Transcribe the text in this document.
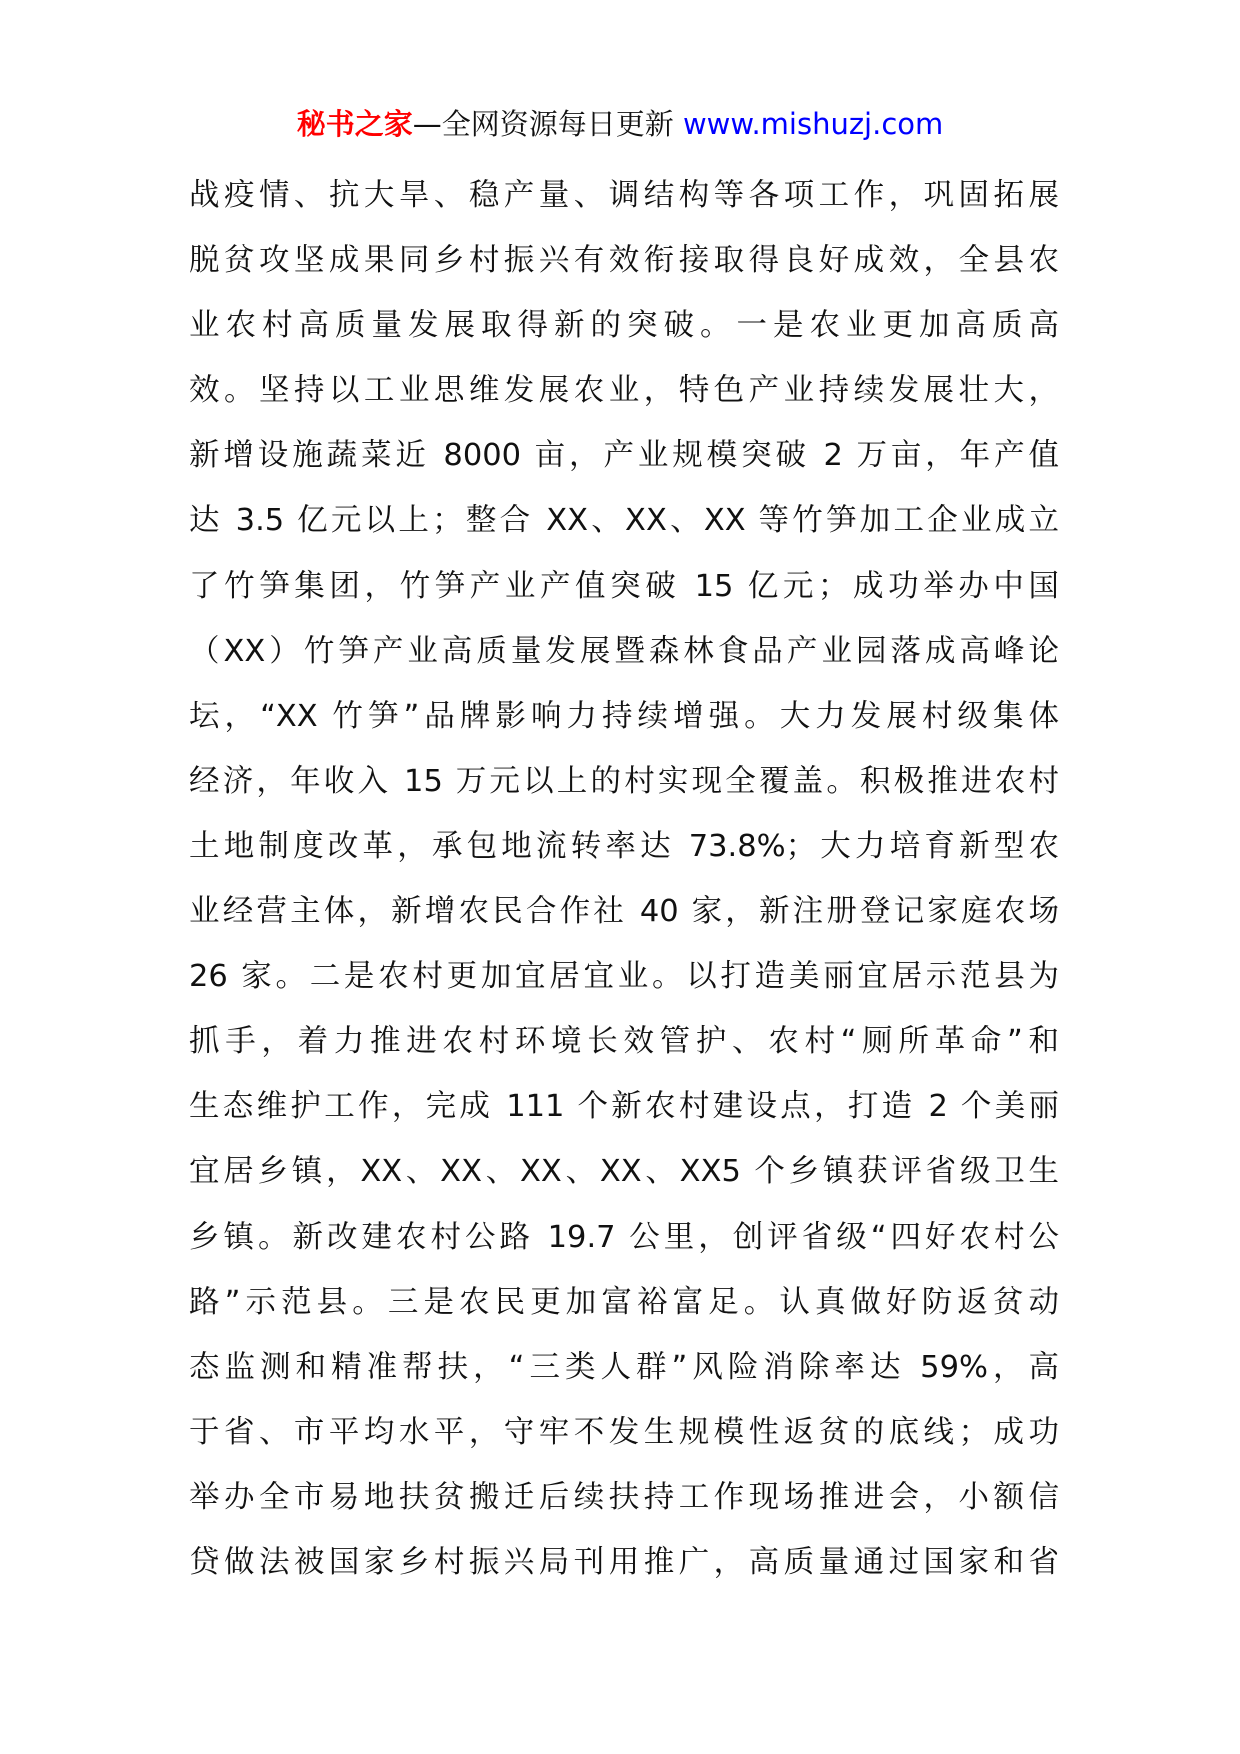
秘书之家—全网资源每日更新 www.mishuzj.com
战疫情、抗大旱、稳产量、调结构等各项工作，巩固拓展
脱贫攻坚成果同乡村振兴有效衔接取得良好成效，全县农
业农村高质量发展取得新的突破。一是农业更加高质高
效。坚持以工业思维发展农业，特色产业持续发展壮大，
新增设施蔬菜近 8000 亩，产业规模突破 2 万亩，年产值
达 3.5 亿元以上；整合 XX、XX、XX 等竹笋加工企业成立
了竹笋集团，竹笋产业产值突破 15 亿元；成功举办中国
（XX）竹笋产业高质量发展暨森林食品产业园落成高峰论
坛，“XX 竹笋”品牌影响力持续增强。大力发展村级集体
经济，年收入 15 万元以上的村实现全覆盖。积极推进农村
土地制度改革，承包地流转率达 73.8%；大力培育新型农
业经营主体，新增农民合作社 40 家，新注册登记家庭农场
26 家。二是农村更加宜居宜业。以打造美丽宜居示范县为
抓手，着力推进农村环境长效管护、农村“厕所革命”和
生态维护工作，完成 111 个新农村建设点，打造 2 个美丽
宜居乡镇，XX、XX、XX、XX、XX5 个乡镇获评省级卫生
乡镇。新改建农村公路 19.7 公里，创评省级“四好农村公
路”示范县。三是农民更加富裕富足。认真做好防返贫动
态监测和精准帮扶，“三类人群”风险消除率达 59%，高
于省、市平均水平，守牢不发生规模性返贫的底线；成功
举办全市易地扶贫搬迁后续扶持工作现场推进会，小额信
贷做法被国家乡村振兴局刊用推广，高质量通过国家和省
